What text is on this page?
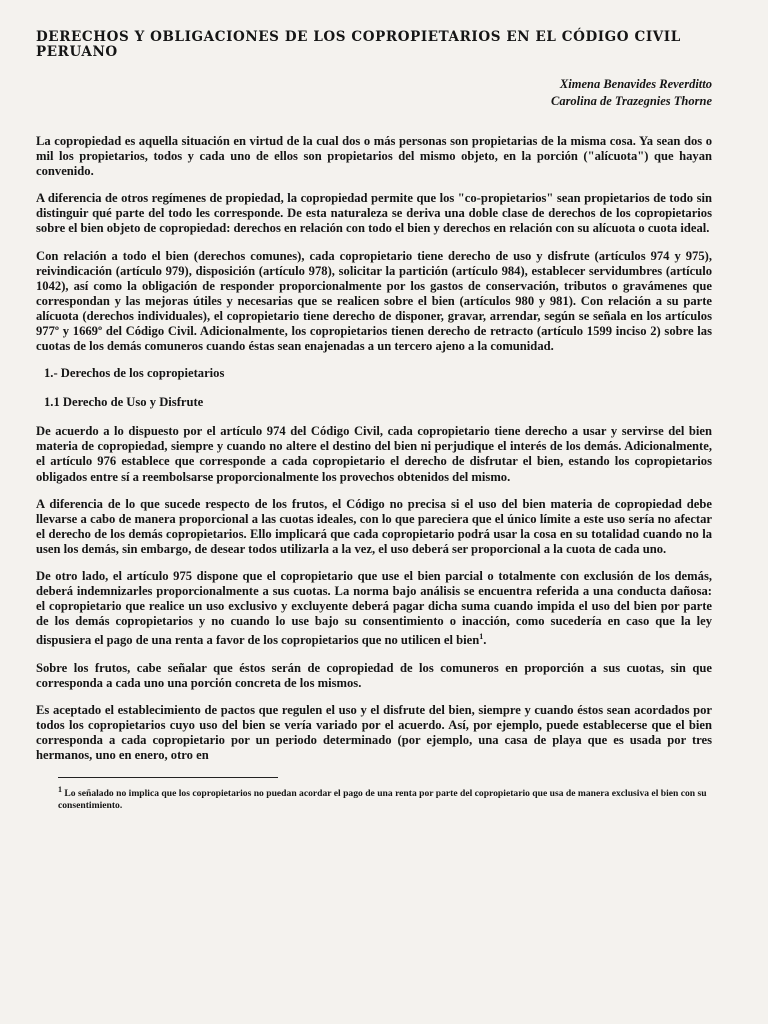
DERECHOS Y OBLIGACIONES DE LOS COPROPIETARIOS EN EL CÓDIGO CIVIL PERUANO
Ximena Benavides Reverditto
Carolina de Trazegnies Thorne

La copropiedad es aquella situación en virtud de la cual dos o más personas son propietarias de la misma cosa. Ya sean dos o mil los propietarios, todos y cada uno de ellos son propietarios del mismo objeto, en la porción ("alícuota") que hayan convenido.

A diferencia de otros regímenes de propiedad, la copropiedad permite que los "co-propietarios" sean propietarios de todo sin distinguir qué parte del todo les corresponde. De esta naturaleza se deriva una doble clase de derechos de los copropietarios sobre el bien objeto de copropiedad: derechos en relación con todo el bien y derechos en relación con su alícuota o cuota ideal.

Con relación a todo el bien (derechos comunes), cada copropietario tiene derecho de uso y disfrute (artículos 974 y 975), reivindicación (artículo 979), disposición (artículo 978), solicitar la partición (artículo 984), establecer servidumbres (artículo 1042), así como la obligación de responder proporcionalmente por los gastos de conservación, tributos o gravámenes que correspondan y las mejoras útiles y necesarias que se realicen sobre el bien (artículos 980 y 981). Con relación a su parte alícuota (derechos individuales), el copropietario tiene derecho de disponer, gravar, arrendar, según se señala en los artículos 977º y 1669º del Código Civil. Adicionalmente, los copropietarios tienen derecho de retracto (artículo 1599 inciso 2) sobre las cuotas de los demás comuneros cuando éstas sean enajenadas a un tercero ajeno a la comunidad.

1.- Derechos de los copropietarios
1.1 Derecho de Uso y Disfrute

De acuerdo a lo dispuesto por el artículo 974 del Código Civil, cada copropietario tiene derecho a usar y servirse del bien materia de copropiedad, siempre y cuando no altere el destino del bien ni perjudique el interés de los demás. Adicionalmente, el artículo 976 establece que corresponde a cada copropietario el derecho de disfrutar el bien, estando los copropietarios obligados entre sí a reembolsarse proporcionalmente los provechos obtenidos del mismo.

A diferencia de lo que sucede respecto de los frutos, el Código no precisa si el uso del bien materia de copropiedad debe llevarse a cabo de manera proporcional a las cuotas ideales, con lo que pareciera que el único límite a este uso sería no afectar el derecho de los demás copropietarios. Ello implicará que cada copropietario podrá usar la cosa en su totalidad cuando no la usen los demás, sin embargo, de desear todos utilizarla a la vez, el uso deberá ser proporcional a la cuota de cada uno.

De otro lado, el artículo 975 dispone que el copropietario que use el bien parcial o totalmente con exclusión de los demás, deberá indemnizarles proporcionalmente a sus cuotas. La norma bajo análisis se encuentra referida a una conducta dañosa: el copropietario que realice un uso exclusivo y excluyente deberá pagar dicha suma cuando impida el uso del bien por parte de los demás copropietarios y no cuando lo use bajo su consentimiento o inacción, como sucedería en caso que la ley dispusiera el pago de una renta a favor de los copropietarios que no utilicen el bien$^1$.

Sobre los frutos, cabe señalar que éstos serán de copropiedad de los comuneros en proporción a sus cuotas, sin que corresponda a cada uno una porción concreta de los mismos.

Es aceptado el establecimiento de pactos que regulen el uso y el disfrute del bien, siempre y cuando éstos sean acordados por todos los copropietarios cuyo uso del bien se vería variado por el acuerdo. Así, por ejemplo, puede establecerse que el bien corresponda a cada copropietario por un periodo determinado (por ejemplo, una casa de playa que es usada por tres hermanos, uno en enero, otro en

$^1$ Lo señalado no implica que los copropietarios no puedan acordar el pago de una renta por parte del copropietario que usa de manera exclusiva el bien con su consentimiento.
